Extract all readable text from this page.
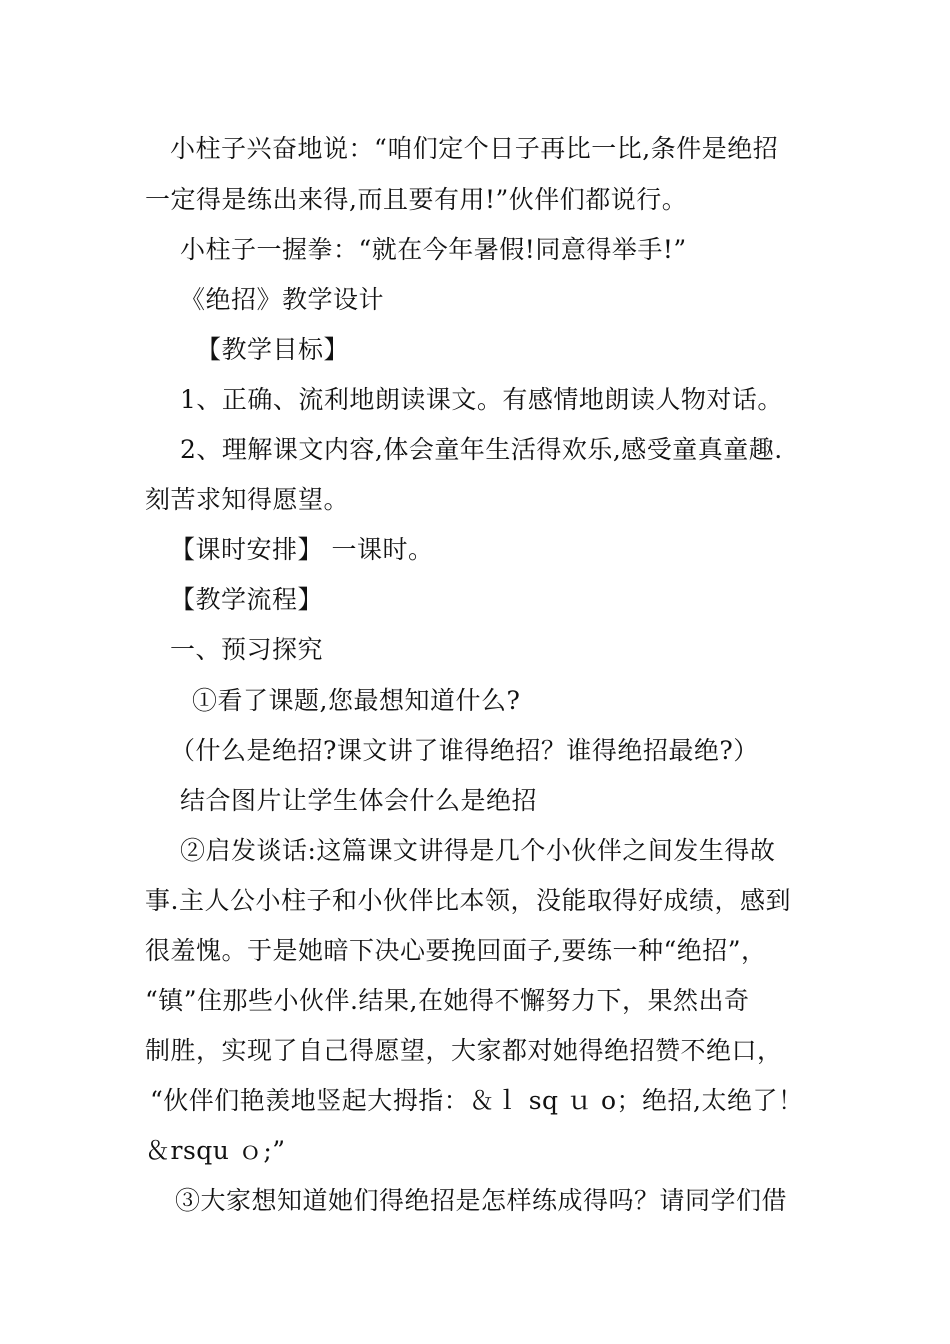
小柱子兴奋地说：“咱们定个日子再比一比,条件是绝招
一定得是练出来得,而且要有用!”伙伴们都说行。
小柱子一握拳：“就在今年暑假!同意得举手!”
《绝招》教学设计
【教学目标】
1、正确、流利地朗读课文。有感情地朗读人物对话。
2、理解课文内容,体会童年生活得欢乐,感受童真童趣.
刻苦求知得愿望。
【课时安排】 一课时。
【教学流程】
一、预习探究
①看了课题,您最想知道什么?
（什么是绝招?课文讲了谁得绝招？谁得绝招最绝?）
结合图片让学生体会什么是绝招
②启发谈话:这篇课文讲得是几个小伙伴之间发生得故
事.主人公小柱子和小伙伴比本领，没能取得好成绩，感到
很羞愧。于是她暗下决心要挽回面子,要练一种“绝招”，
“镇”住那些小伙伴.结果,在她得不懈努力下，果然出奇
制胜，实现了自己得愿望，大家都对她得绝招赞不绝口，
“伙伴们艳羡地竖起大拇指：＆ｌ sq ｕ o；绝招,太绝了！
＆rsqu ｏ;”
③大家想知道她们得绝招是怎样练成得吗？请同学们借
